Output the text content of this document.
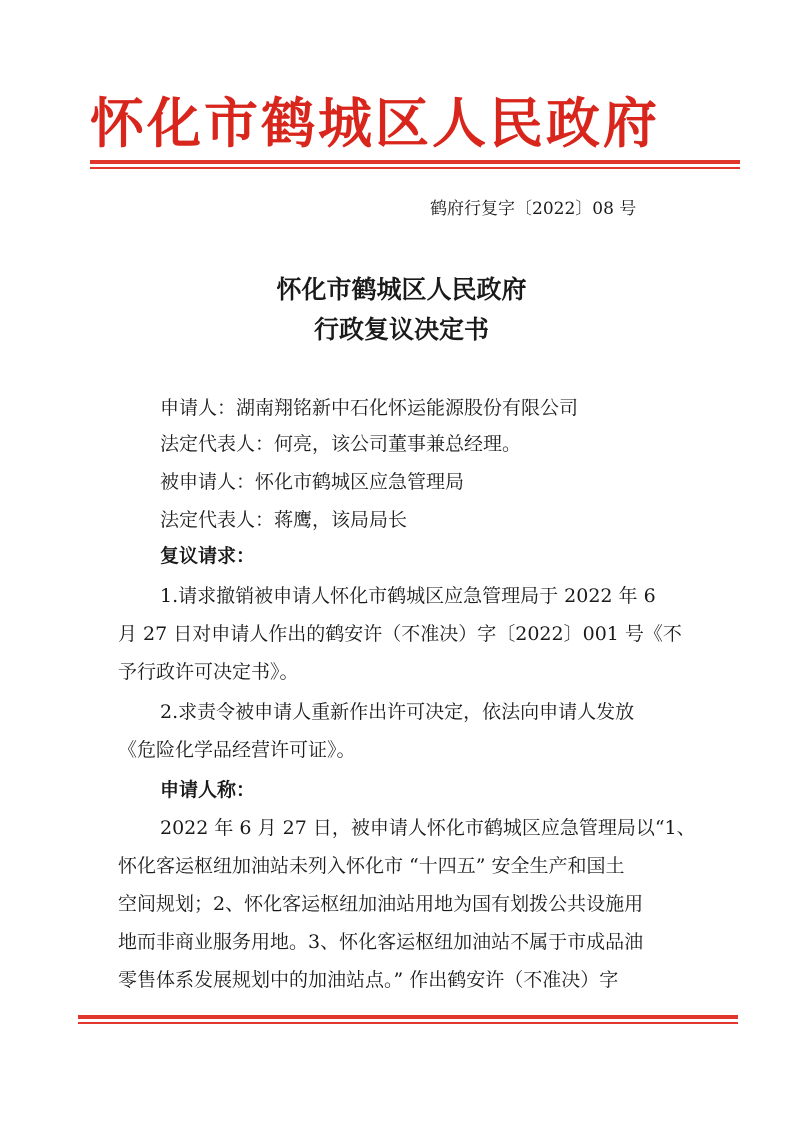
怀化市鹤城区人民政府
鹤府行复字〔2022〕08 号
怀化市鹤城区人民政府
行政复议决定书
申请人：湖南翔铭新中石化怀运能源股份有限公司
法定代表人：何亮，该公司董事兼总经理。
被申请人：怀化市鹤城区应急管理局
法定代表人：蒋鹰，该局局长
复议请求：
1.请求撤销被申请人怀化市鹤城区应急管理局于 2022 年 6
月 27 日对申请人作出的鹤安许（不准决）字〔2022〕001 号《不
予行政许可决定书》。
2.求责令被申请人重新作出许可决定，依法向申请人发放
《危险化学品经营许可证》。
申请人称：
2022 年 6 月 27 日，被申请人怀化市鹤城区应急管理局以“1、
怀化客运枢纽加油站未列入怀化市 “十四五” 安全生产和国土
空间规划；2、怀化客运枢纽加油站用地为国有划拨公共设施用
地而非商业服务用地。3、怀化客运枢纽加油站不属于市成品油
零售体系发展规划中的加油站点。” 作出鹤安许（不准决）字
